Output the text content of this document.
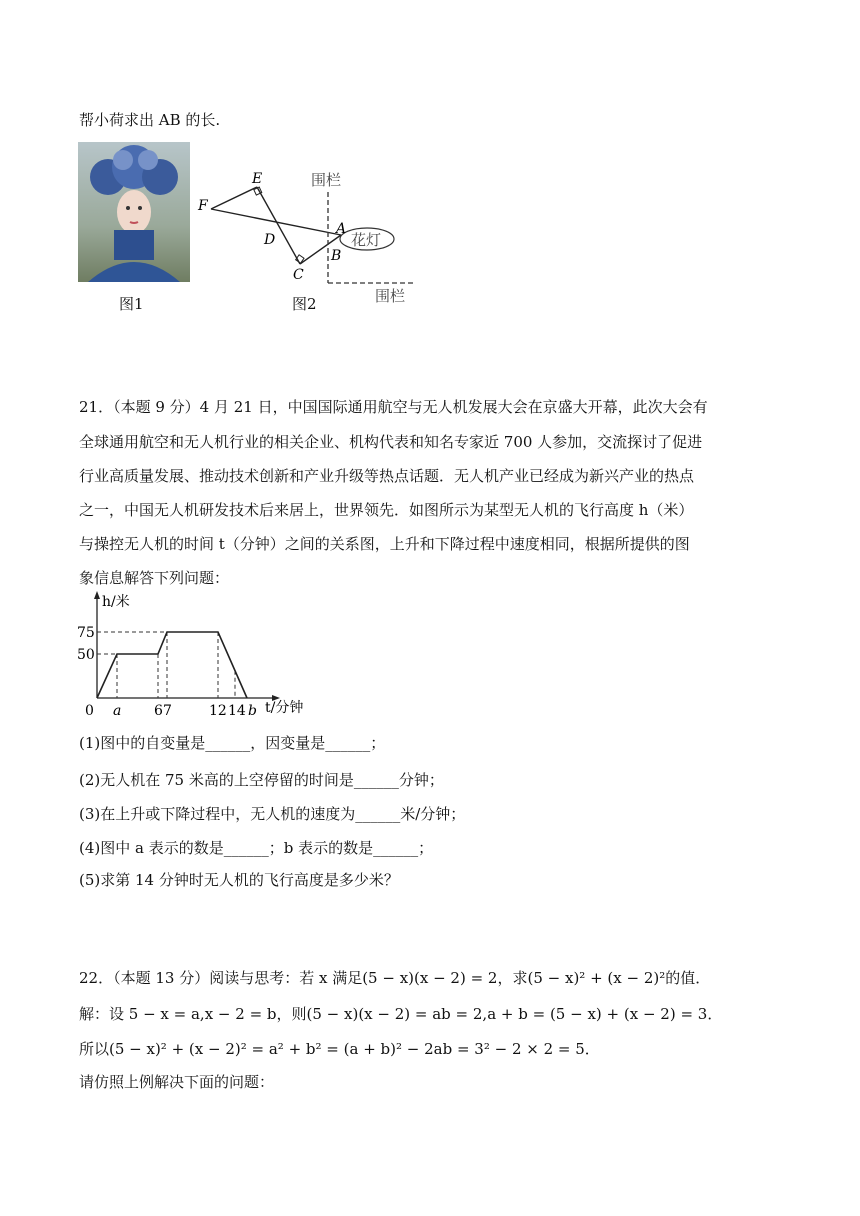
帮小荷求出 AB 的长.
图1
E
F
D
C
A
B
围栏
围栏
花灯
图2
21．（本题 9 分）4 月 21 日，中国国际通用航空与无人机发展大会在京盛大开幕，此次大会有
全球通用航空和无人机行业的相关企业、机构代表和知名专家近 700 人参加，交流探讨了促进
行业高质量发展、推动技术创新和产业升级等热点话题．无人机产业已经成为新兴产业的热点
之一，中国无人机研发技术后来居上，世界领先．如图所示为某型无人机的飞行高度 h（米）
与操控无人机的时间 t（分钟）之间的关系图，上升和下降过程中速度相同，根据所提供的图
象信息解答下列问题：
h/米
t/分钟
50
75
0 a 6 7	12 14 b
(1)图中的自变量是______，因变量是______；
(2)无人机在 75 米高的上空停留的时间是______分钟；
(3)在上升或下降过程中，无人机的速度为______米/分钟；
(4)图中 a 表示的数是______；b 表示的数是______；
(5)求第 14 分钟时无人机的飞行高度是多少米？
22．（本题 13 分）阅读与思考：若 x 满足(5 − x)(x − 2) = 2，求(5 − x)² + (x − 2)²的值．
解：设 5 − x = a,x − 2 = b，则(5 − x)(x − 2) = ab = 2,a + b = (5 − x) + (x − 2) = 3．
所以(5 − x)² + (x − 2)² = a² + b² = (a + b)² − 2ab = 3² − 2 × 2 = 5．
请仿照上例解决下面的问题：
